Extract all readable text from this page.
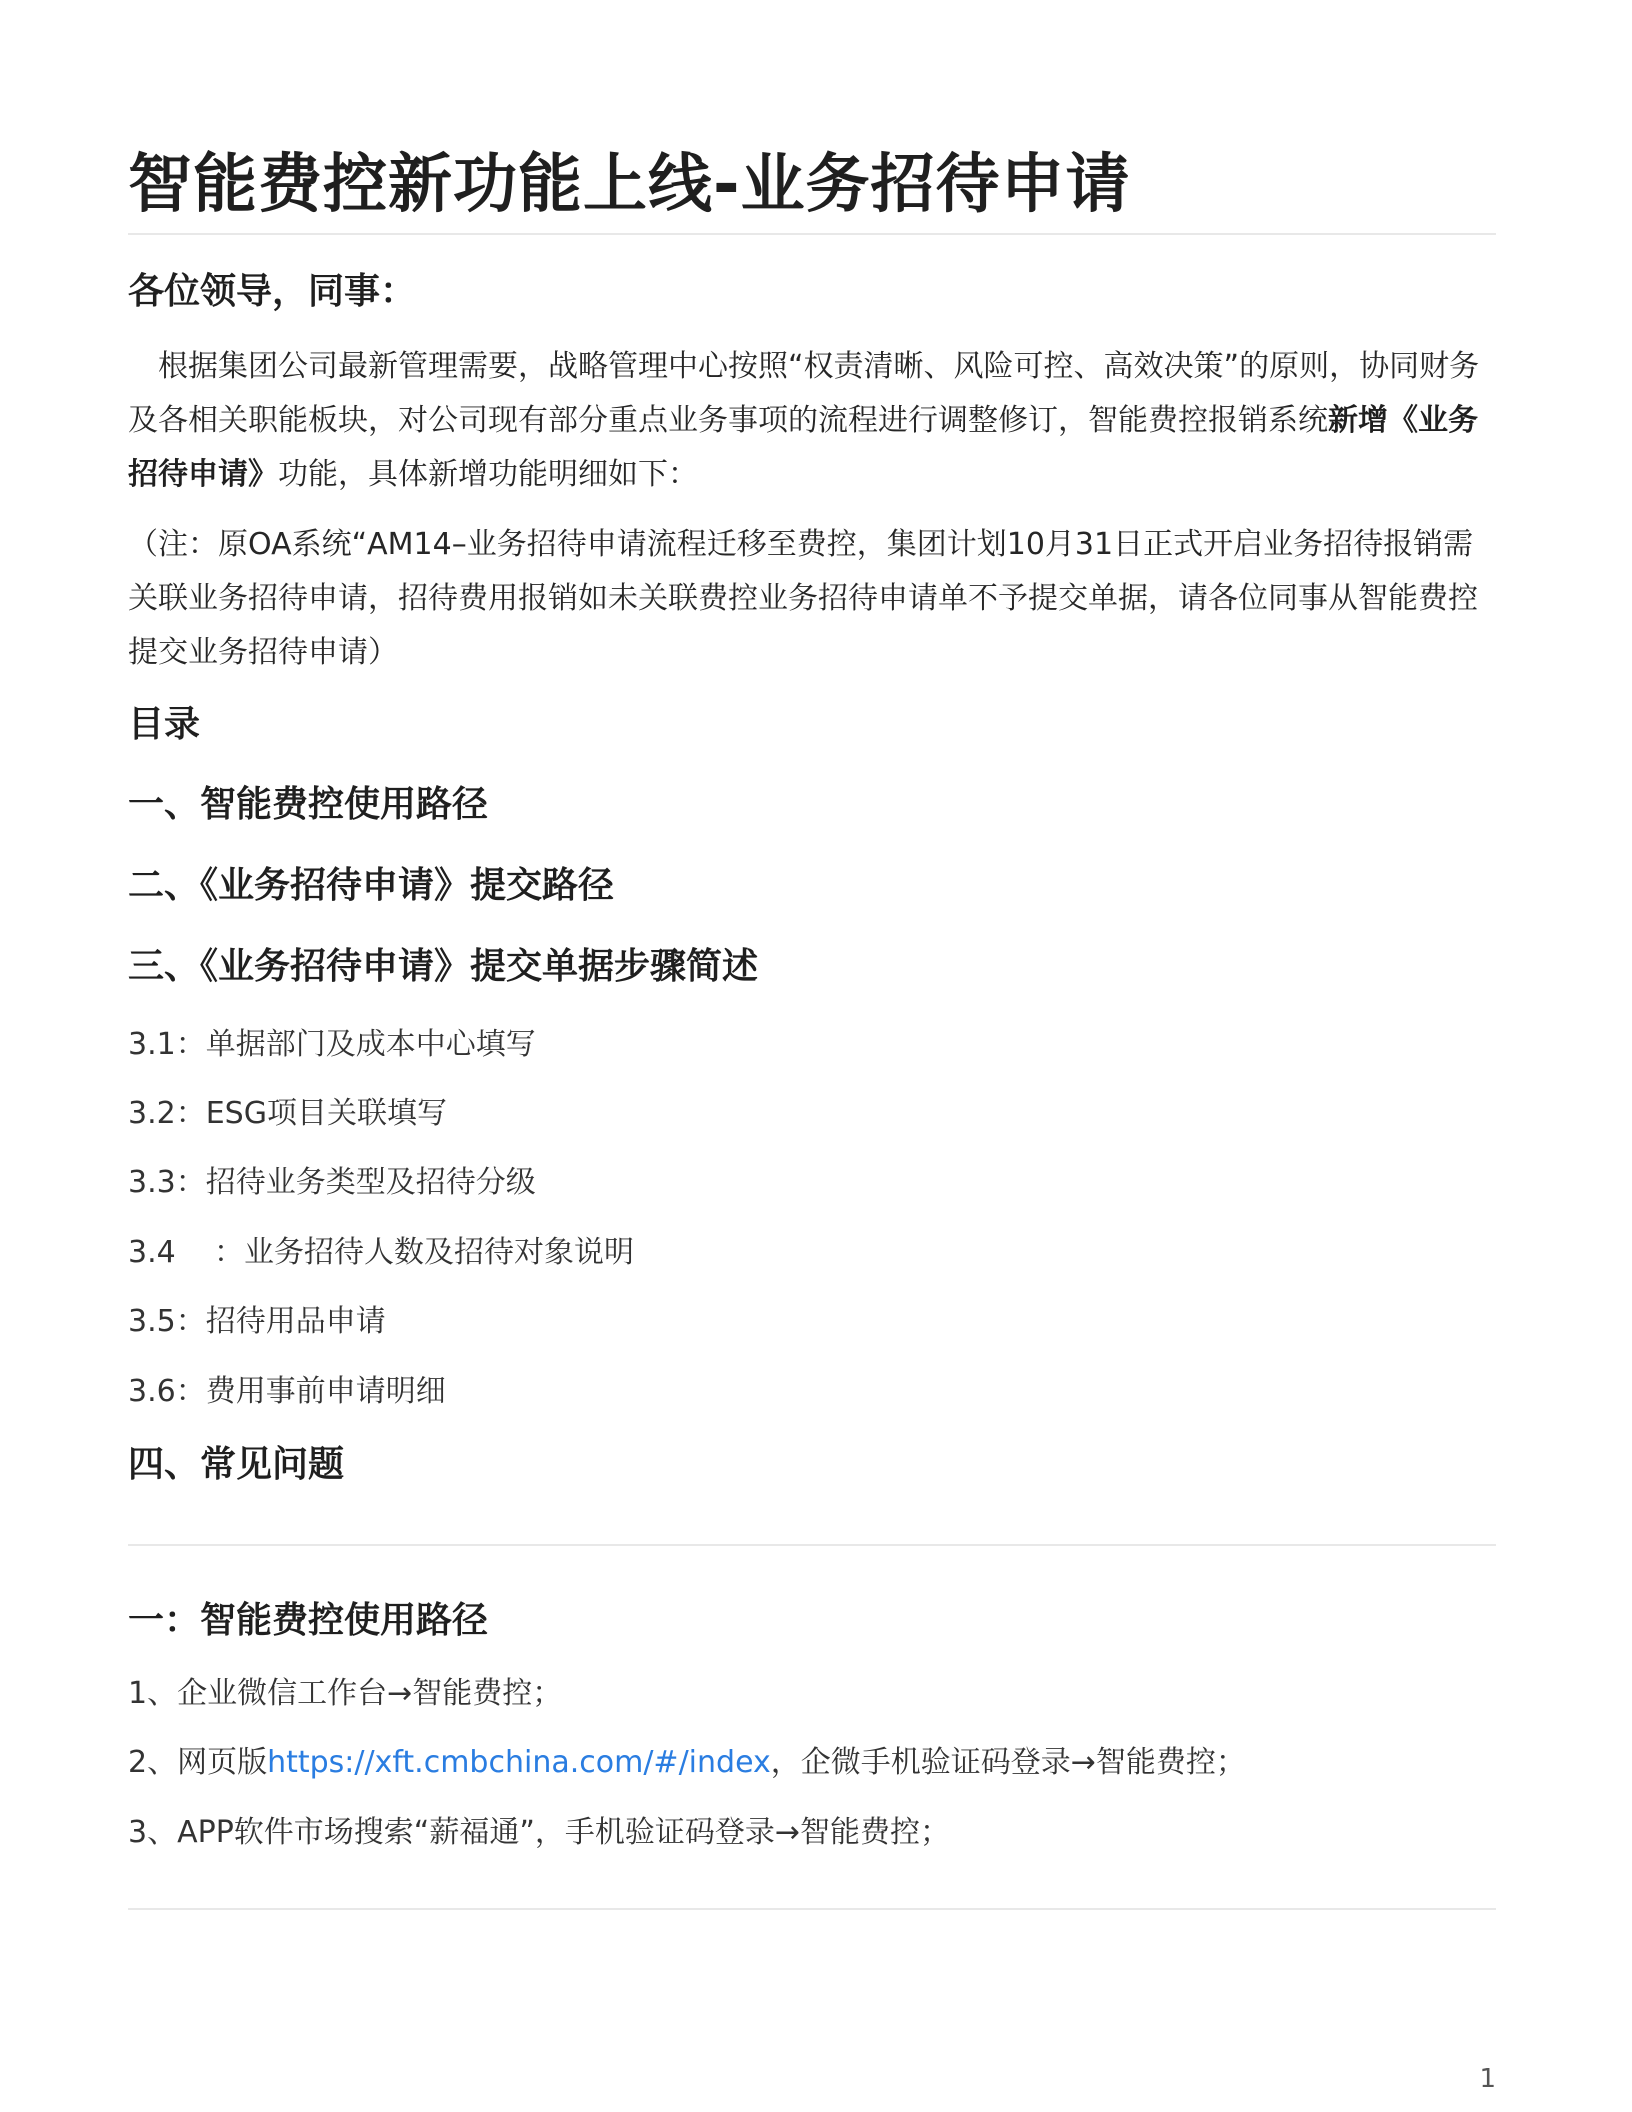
智能费控新功能上线-业务招待申请
各位领导，同事：

根据集团公司最新管理需要，战略管理中心按照“权责清晰、风险可控、高效决策”的原则，协同财务及各相关职能板块，对公司现有部分重点业务事项的流程进行调整修订，智能费控报销系统新增《业务招待申请》功能，具体新增功能明细如下：

（注：原OA系统“AM14–业务招待申请流程迁移至费控，集团计划10月31日正式开启业务招待报销需关联业务招待申请，招待费用报销如未关联费控业务招待申请单不予提交单据，请各位同事从智能费控提交业务招待申请）

目录
一、智能费控使用路径
二、《业务招待申请》提交路径
三、《业务招待申请》提交单据步骤简述

3.1：单据部门及成本中心填写

3.2：ESG项目关联填写

3.3：招待业务类型及招待分级

3.4 ：业务招待人数及招待对象说明

3.5：招待用品申请

3.6：费用事前申请明细

四、常见问题
一：智能费控使用路径

1、企业微信工作台→智能费控；

2、网页版https://xft.cmbchina.com/#/index，企微手机验证码登录→智能费控；

3、APP软件市场搜索“薪福通”，手机验证码登录→智能费控；

1
